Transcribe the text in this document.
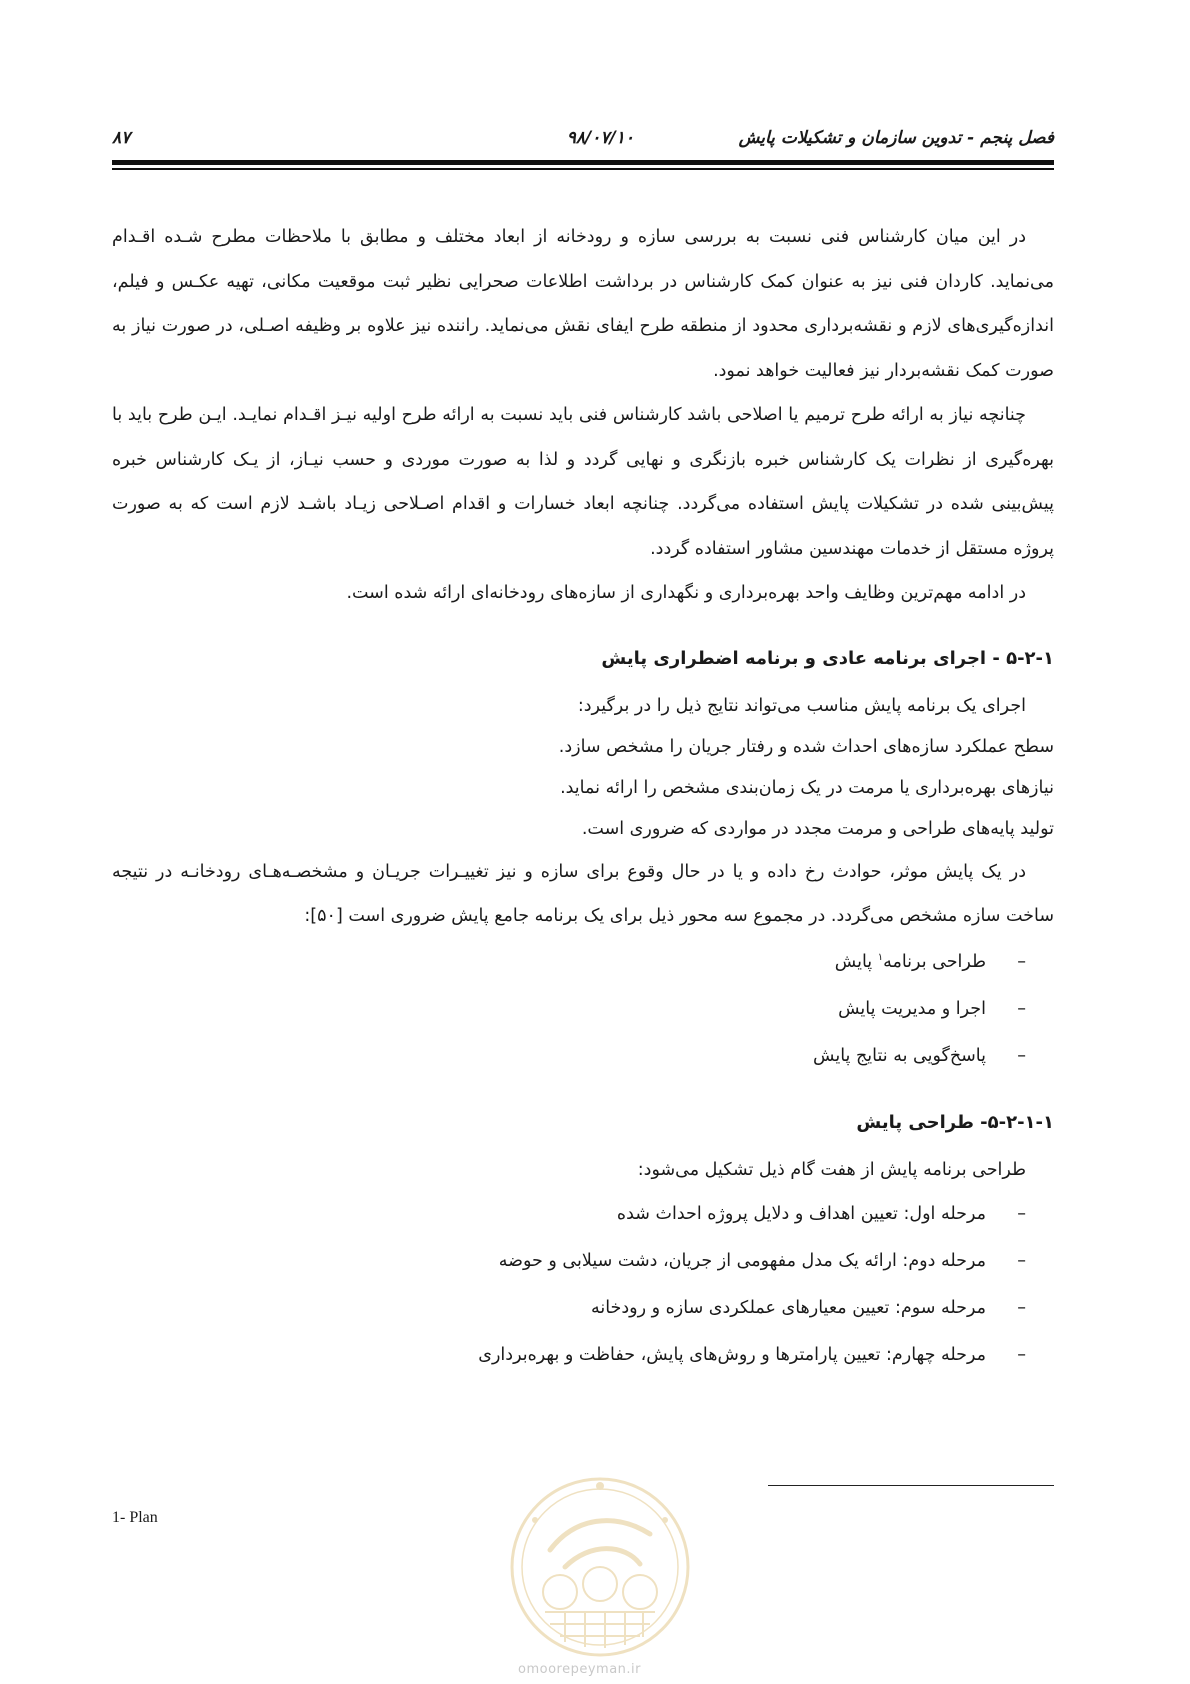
فصل پنجم - تدوین سازمان و تشکیلات پایش
۹۸/۰۷/۱۰
۸۷

در این میان کارشناس فنی نسبت به بررسی سازه و رودخانه از ابعاد مختلف و مطابق با ملاحظات مطرح شـده اقـدام می‌نماید. کاردان فنی نیز به عنوان کمک کارشناس در برداشت اطلاعات صحرایی نظیر ثبت موقعیت مکانی، تهیه عکـس و فیلم، اندازه‌گیری‌های لازم و نقشه‌برداری محدود از منطقه طرح ایفای نقش می‌نماید. راننده نیز علاوه بر وظیفه اصـلی، در صورت نیاز به صورت کمک نقشه‌بردار نیز فعالیت خواهد نمود.

چنانچه نیاز به ارائه طرح ترمیم یا اصلاحی باشد کارشناس فنی باید نسبت به ارائه طرح اولیه نیـز اقـدام نمایـد. ایـن طرح باید با بهره‌گیری از نظرات یک کارشناس خبره بازنگری و نهایی گردد و لذا به صورت موردی و حسب نیـاز، از یـک کارشناس خبره پیش‌بینی شده در تشکیلات پایش استفاده می‌گردد. چنانچه ابعاد خسارات و اقدام اصـلاحی زیـاد باشـد لازم است که به صورت پروژه مستقل از خدمات مهندسین مشاور استفاده گردد.

در ادامه مهم‌ترین وظایف واحد بهره‌برداری و نگهداری از سازه‌های رودخانه‌ای ارائه شده است.

۵-۲-۱ - اجرای برنامه عادی و برنامه اضطراری پایش

اجرای یک برنامه پایش مناسب می‌تواند نتایج ذیل را در برگیرد:

سطح عملکرد سازه‌های احداث شده و رفتار جریان را مشخص سازد.

نیازهای بهره‌برداری یا مرمت در یک زمان‌بندی مشخص را ارائه نماید.

تولید پایه‌های طراحی و مرمت مجدد در مواردی که ضروری است.

در یک پایش موثر، حوادث رخ داده و یا در حال وقوع برای سازه و نیز تغییـرات جریـان و مشخصـه‌هـای رودخانـه در نتیجه ساخت سازه مشخص می‌گردد. در مجموع سه محور ذیل برای یک برنامه جامع پایش ضروری است [۵۰]:

–طراحی برنامه$^۱$ پایش
–اجرا و مدیریت پایش
–پاسخ‌گویی به نتایج پایش
۵-۲-۱-۱- طراحی پایش

طراحی برنامه پایش از هفت گام ذیل تشکیل می‌شود:

–مرحله اول: تعیین اهداف و دلایل پروژه احداث شده
–مرحله دوم: ارائه یک مدل مفهومی از جریان، دشت سیلابی و حوضه
–مرحله سوم: تعیین معیارهای عملکردی سازه و رودخانه
–مرحله چهارم: تعیین پارامترها و روش‌های پایش، حفاظت و بهره‌برداری
1- Plan
omoorepeyman.ir
